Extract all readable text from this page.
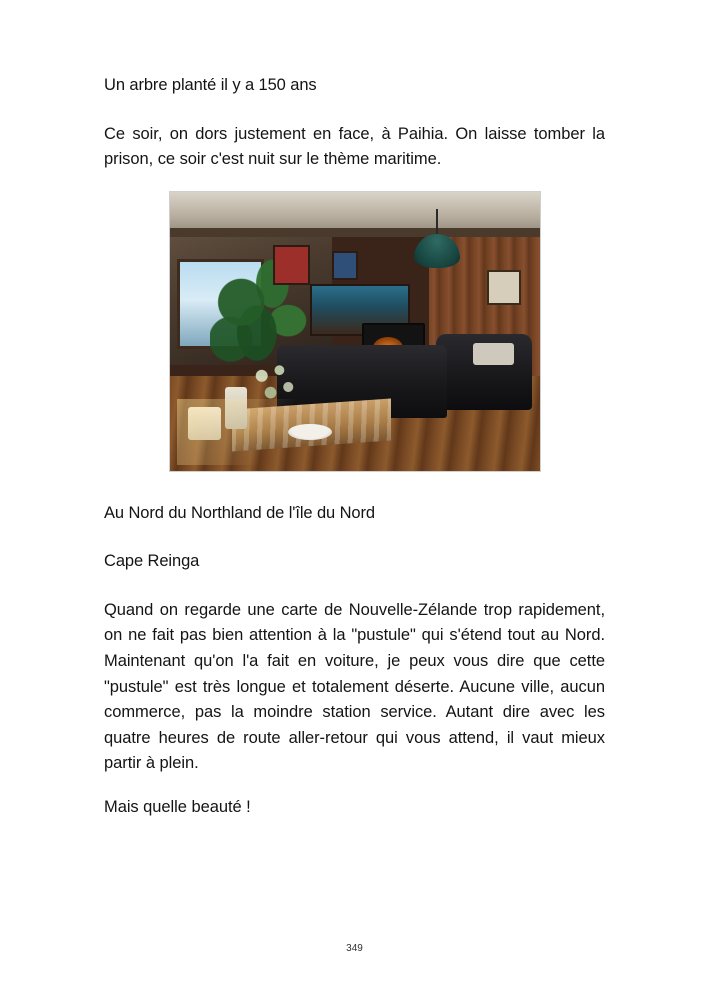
Un arbre planté il y a 150 ans

Ce soir, on dors justement en face, à Paihia. On laisse tomber la prison, ce soir c'est nuit sur le thème maritime.

Au Nord du Northland de l'île du Nord

Cape Reinga

Quand on regarde une carte de Nouvelle-Zélande trop rapidement, on ne fait pas bien attention à la "pustule" qui s'étend tout au Nord. Maintenant qu'on l'a fait en voiture, je peux vous dire que cette "pustule" est très longue et totalement déserte. Aucune ville, aucun commerce, pas la moindre station service. Autant dire avec les quatre heures de route aller-retour qui vous attend, il vaut mieux partir à plein.

Mais quelle beauté !

349
